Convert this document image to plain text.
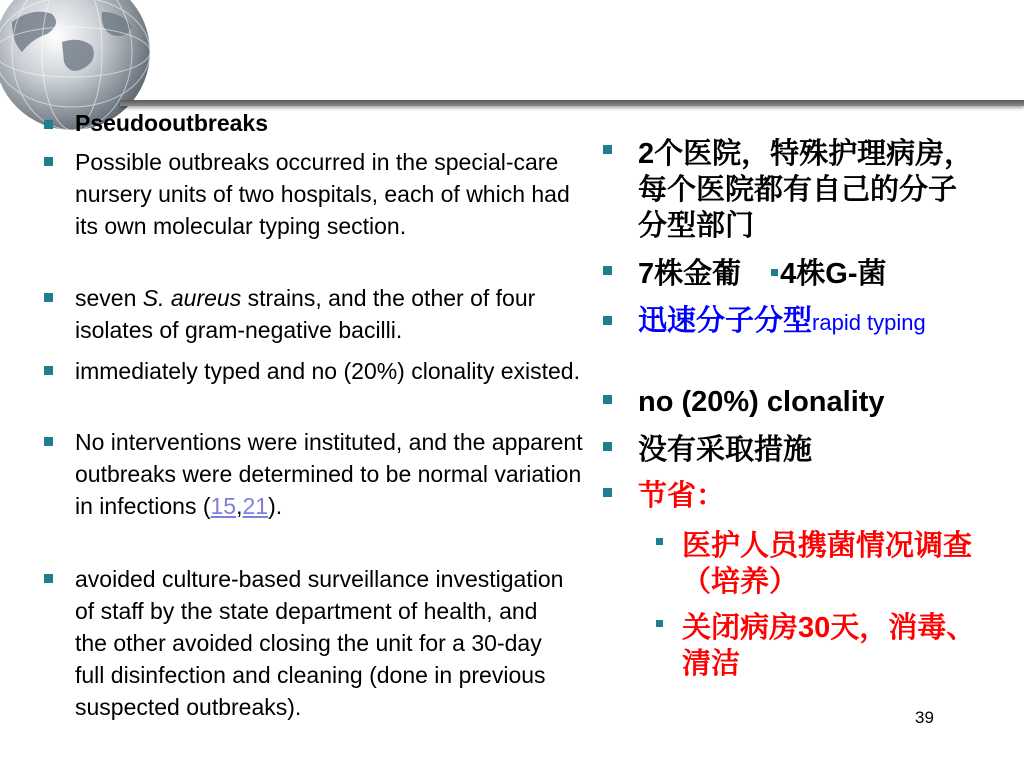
Pseudooutbreaks
Possible outbreaks occurred in the special-care nursery units of two hospitals, each of which had its own molecular typing section.
seven S. aureus strains, and the other of four isolates of gram-negative bacilli.
immediately typed and no (20%) clonality existed.
No interventions were instituted, and the apparent outbreaks were determined to be normal variation in infections (15,21).
avoided culture-based surveillance investigation of staff by the state department of health, and the other avoided closing the unit for a 30-day full disinfection and cleaning (done in previous suspected outbreaks).
2个医院，特殊护理病房，每个医院都有自己的分子分型部门
7株金葡 4株G-菌
迅速分子分型rapid typing
no (20%) clonality
没有采取措施
节省：
医护人员携菌情况调查（培养）
关闭病房30天，消毒、清洁
39
